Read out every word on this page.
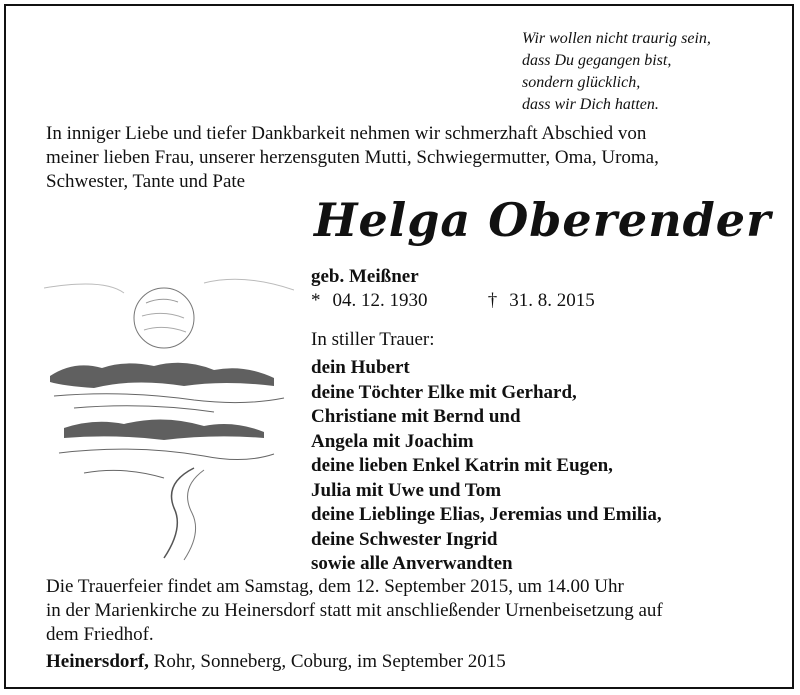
Wir wollen nicht traurig sein,
dass Du gegangen bist,
sondern glücklich,
dass wir Dich hatten.
In inniger Liebe und tiefer Dankbarkeit nehmen wir schmerzhaft Abschied von
meiner lieben Frau, unserer herzensguten Mutti, Schwiegermutter, Oma, Uroma,
Schwester, Tante und Pate
Helga Oberender
geb. Meißner
* 04. 12. 1930	† 31. 8. 2015
In stiller Trauer:
dein Hubert
deine Töchter Elke mit Gerhard,
Christiane mit Bernd und
Angela mit Joachim
deine lieben Enkel Katrin mit Eugen,
Julia mit Uwe und Tom
deine Lieblinge Elias, Jeremias und Emilia,
deine Schwester Ingrid
sowie alle Anverwandten
Die Trauerfeier findet am Samstag, dem 12. September 2015, um 14.00 Uhr
in der Marienkirche zu Heinersdorf statt mit anschließender Urnenbeisetzung auf
dem Friedhof.
Heinersdorf, Rohr, Sonneberg, Coburg, im September 2015
